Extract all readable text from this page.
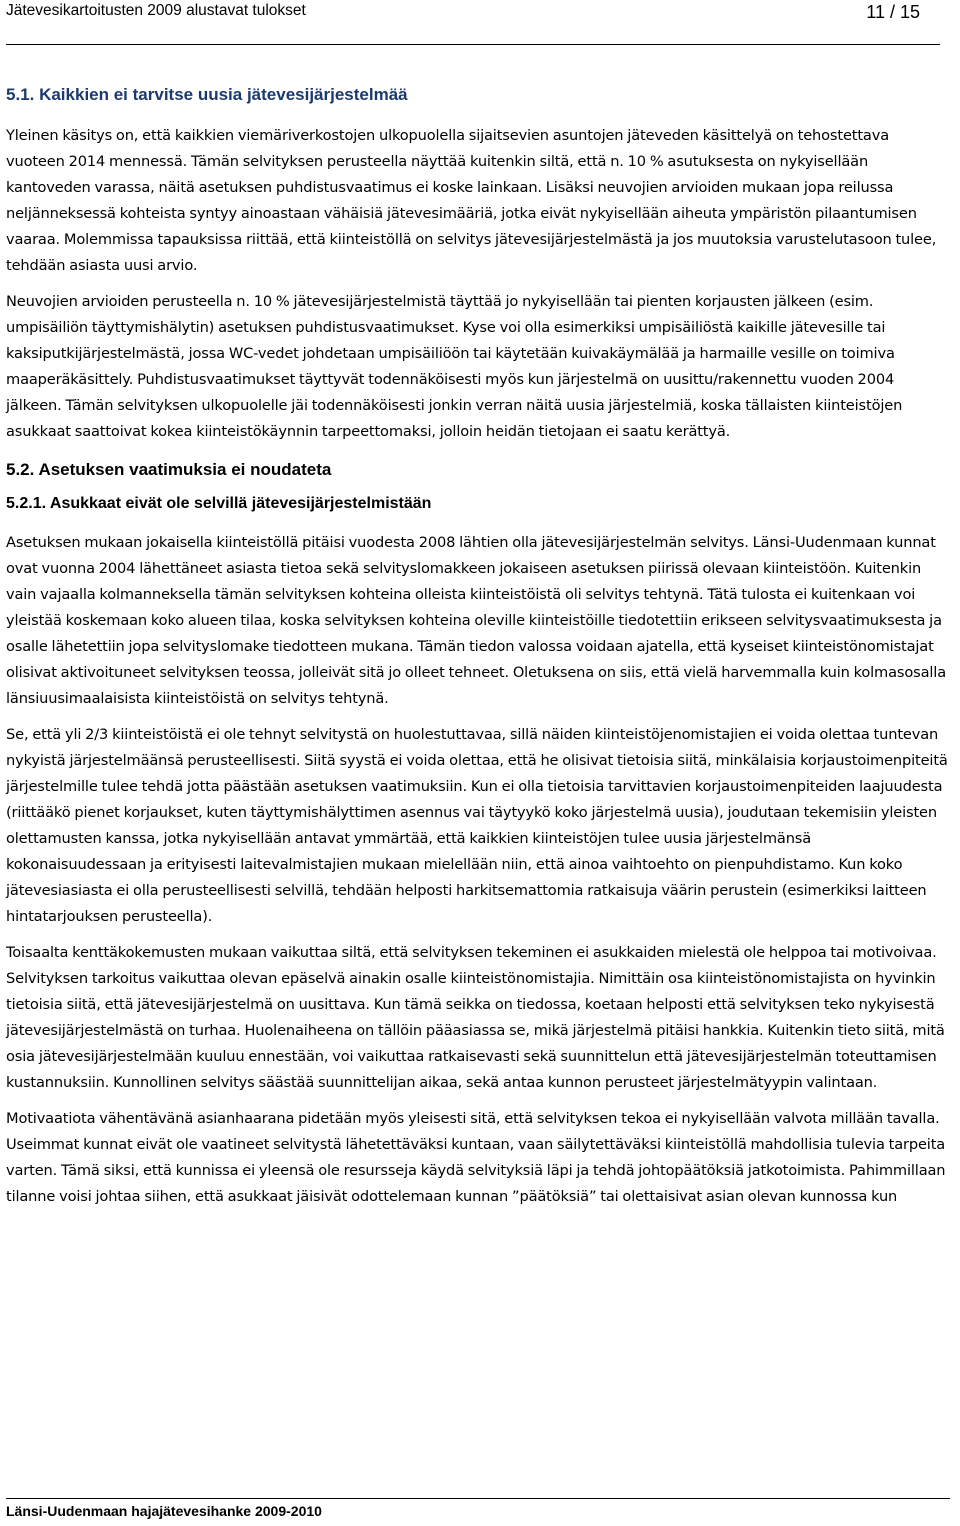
Jätevesikartoitusten 2009 alustavat tulokset	11 / 15
5.1. Kaikkien ei tarvitse uusia jätevesijärjestelmää

Yleinen käsitys on, että kaikkien viemäriverkostojen ulkopuolella sijaitsevien asuntojen jäteveden käsittelyä on tehostettava vuoteen 2014 mennessä. Tämän selvityksen perusteella näyttää kuitenkin siltä, että n. 10 % asutuksesta on nykyisellään kantoveden varassa, näitä asetuksen puhdistusvaatimus ei koske lainkaan. Lisäksi neuvojien arvioiden mukaan jopa reilussa neljänneksessä kohteista syntyy ainoastaan vähäisiä jätevesimääriä, jotka eivät nykyisellään aiheuta ympäristön pilaantumisen vaaraa. Molemmissa tapauksissa riittää, että kiinteistöllä on selvitys jätevesijärjestelmästä ja jos muutoksia varustelutasoon tulee, tehdään asiasta uusi arvio.

Neuvojien arvioiden perusteella n. 10 % jätevesijärjestelmistä täyttää jo nykyisellään tai pienten korjausten jälkeen (esim. umpisäiliön täyttymishälytin) asetuksen puhdistusvaatimukset. Kyse voi olla esimerkiksi umpisäiliöstä kaikille jätevesille tai kaksiputkijärjestelmästä, jossa WC-vedet johdetaan umpisäiliöön tai käytetään kuivakäymälää ja harmaille vesille on toimiva maaperäkäsittely. Puhdistusvaatimukset täyttyvät todennäköisesti myös kun järjestelmä on uusittu/rakennettu vuoden 2004 jälkeen. Tämän selvityksen ulkopuolelle jäi todennäköisesti jonkin verran näitä uusia järjestelmiä, koska tällaisten kiinteistöjen asukkaat saattoivat kokea kiinteistökäynnin tarpeettomaksi, jolloin heidän tietojaan ei saatu kerättyä.

5.2. Asetuksen vaatimuksia ei noudateta
5.2.1. Asukkaat eivät ole selvillä jätevesijärjestelmistään

Asetuksen mukaan jokaisella kiinteistöllä pitäisi vuodesta 2008 lähtien olla jätevesijärjestelmän selvitys. Länsi-Uudenmaan kunnat ovat vuonna 2004 lähettäneet asiasta tietoa sekä selvityslomakkeen jokaiseen asetuksen piirissä olevaan kiinteistöön. Kuitenkin vain vajaalla kolmanneksella tämän selvityksen kohteina olleista kiinteistöistä oli selvitys tehtynä. Tätä tulosta ei kuitenkaan voi yleistää koskemaan koko alueen tilaa, koska selvityksen kohteina oleville kiinteistöille tiedotettiin erikseen selvitysvaatimuksesta ja osalle lähetettiin jopa selvityslomake tiedotteen mukana. Tämän tiedon valossa voidaan ajatella, että kyseiset kiinteistönomistajat olisivat aktivoituneet selvityksen teossa, jolleivät sitä jo olleet tehneet. Oletuksena on siis, että vielä harvemmalla kuin kolmasosalla länsiuusimaalaisista kiinteistöistä on selvitys tehtynä.

Se, että yli 2/3 kiinteistöistä ei ole tehnyt selvitystä on huolestuttavaa, sillä näiden kiinteistöjenomistajien ei voida olettaa tuntevan nykyistä järjestelmäänsä perusteellisesti. Siitä syystä ei voida olettaa, että he olisivat tietoisia siitä, minkälaisia korjaustoimenpiteitä järjestelmille tulee tehdä jotta päästään asetuksen vaatimuksiin. Kun ei olla tietoisia tarvittavien korjaustoimenpiteiden laajuudesta (riittääkö pienet korjaukset, kuten täyttymishälyttimen asennus vai täytyykö koko järjestelmä uusia), joudutaan tekemisiin yleisten olettamusten kanssa, jotka nykyisellään antavat ymmärtää, että kaikkien kiinteistöjen tulee uusia järjestelmänsä kokonaisuudessaan ja erityisesti laitevalmistajien mukaan mielellään niin, että ainoa vaihtoehto on pienpuhdistamo. Kun koko jätevesiasiasta ei olla perusteellisesti selvillä, tehdään helposti harkitsemattomia ratkaisuja väärin perustein (esimerkiksi laitteen hintatarjouksen perusteella).

Toisaalta kenttäkokemusten mukaan vaikuttaa siltä, että selvityksen tekeminen ei asukkaiden mielestä ole helppoa tai motivoivaa. Selvityksen tarkoitus vaikuttaa olevan epäselvä ainakin osalle kiinteistönomistajia. Nimittäin osa kiinteistönomistajista on hyvinkin tietoisia siitä, että jätevesijärjestelmä on uusittava. Kun tämä seikka on tiedossa, koetaan helposti että selvityksen teko nykyisestä jätevesijärjestelmästä on turhaa. Huolenaiheena on tällöin pääasiassa se, mikä järjestelmä pitäisi hankkia. Kuitenkin tieto siitä, mitä osia jätevesijärjestelmään kuuluu ennestään, voi vaikuttaa ratkaisevasti sekä suunnittelun että jätevesijärjestelmän toteuttamisen kustannuksiin. Kunnollinen selvitys säästää suunnittelijan aikaa, sekä antaa kunnon perusteet järjestelmätyypin valintaan.

Motivaatiota vähentävänä asianhaarana pidetään myös yleisesti sitä, että selvityksen tekoa ei nykyisellään valvota millään tavalla. Useimmat kunnat eivät ole vaatineet selvitystä lähetettäväksi kuntaan, vaan säilytettäväksi kiinteistöllä mahdollisia tulevia tarpeita varten. Tämä siksi, että kunnissa ei yleensä ole resursseja käydä selvityksiä läpi ja tehdä johtopäätöksiä jatkotoimista. Pahimmillaan tilanne voisi johtaa siihen, että asukkaat jäisivät odottelemaan kunnan ”päätöksiä” tai olettaisivat asian olevan kunnossa kun

Länsi-Uudenmaan hajajätevesihanke 2009-2010
